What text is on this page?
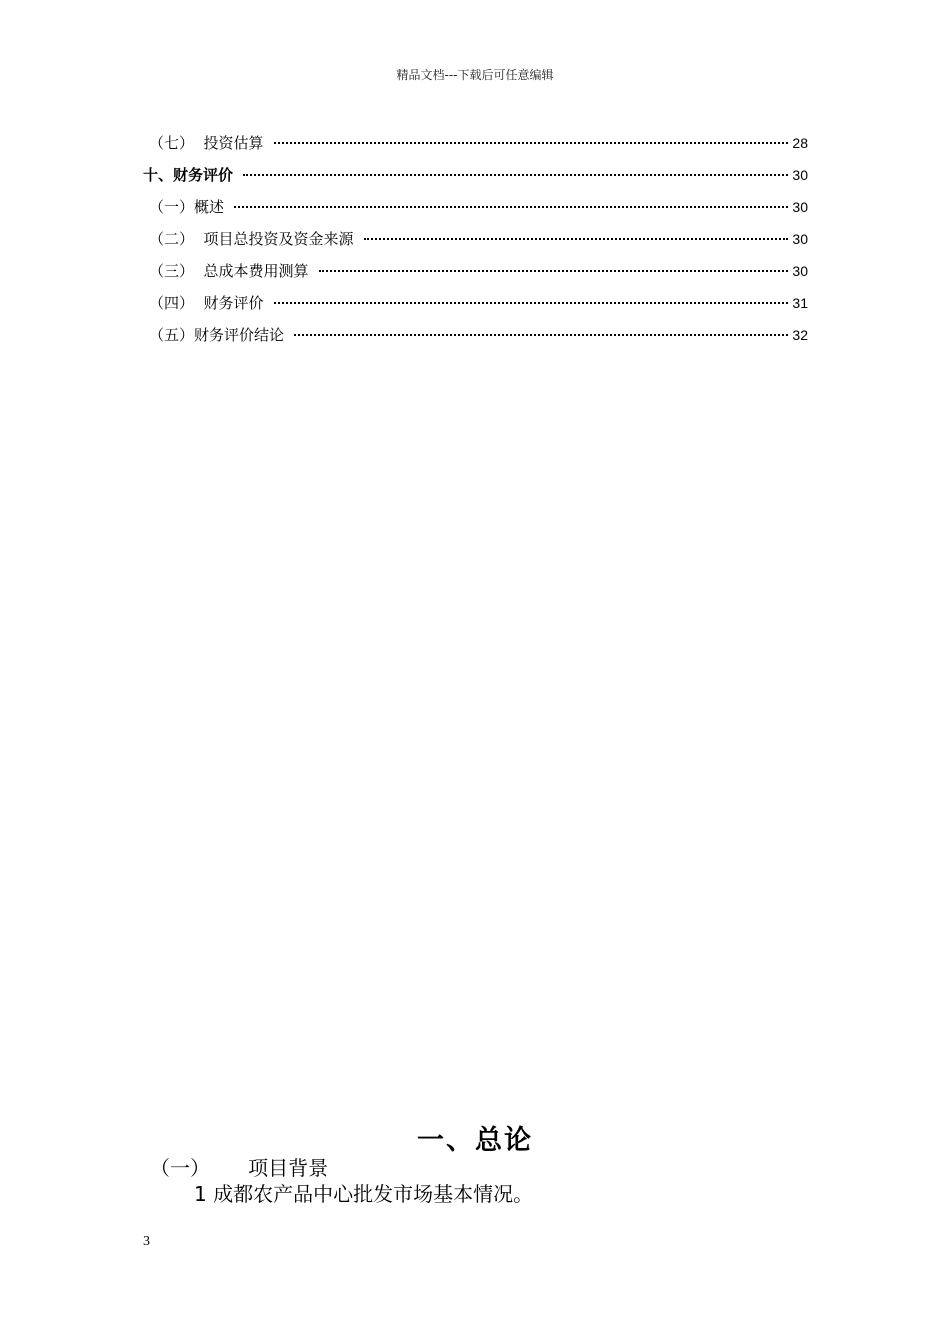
精品文档---下载后可任意编辑
（七）  投资估算	28
十、财务评价	30
（一）概述	30
（二）  项目总投资及资金来源	30
（三）  总成本费用测算	30
（四）  财务评价	31
（五）财务评价结论	32
一、总论
（一）      项目背景
1 成都农产品中心批发市场基本情况。
3
